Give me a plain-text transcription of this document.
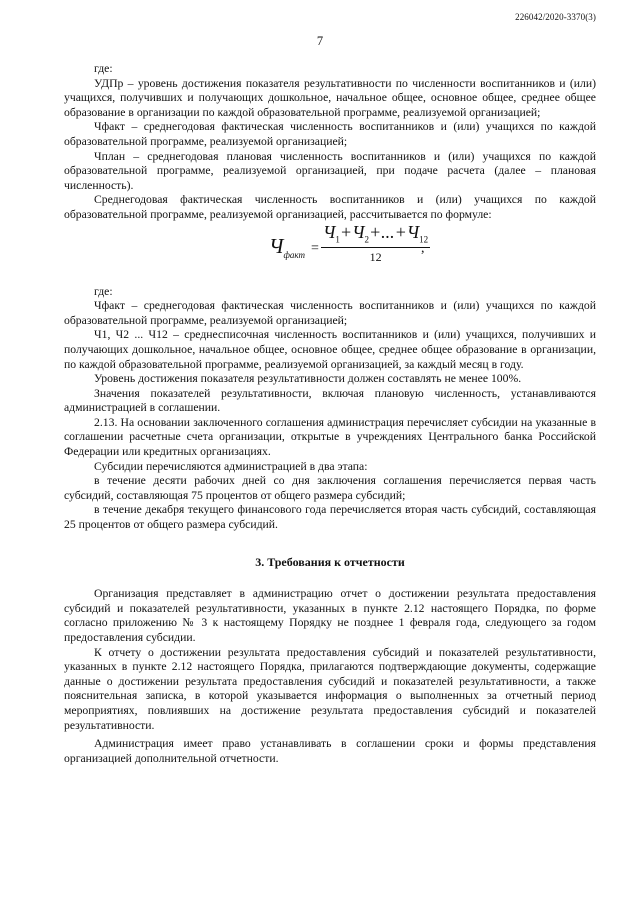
226042/2020-3370(3)
7

где:

УДПр – уровень достижения показателя результативности по численности воспитанников и (или) учащихся, получивших и получающих дошкольное, начальное общее, основное общее, среднее общее образование в организации по каждой образовательной программе, реализуемой организацией;

Чфакт – среднегодовая фактическая численность воспитанников и (или) учащихся по каждой образовательной программе, реализуемой организацией;

Чплан – среднегодовая плановая численность воспитанников и (или) учащихся по каждой образовательной программе, реализуемой организацией, при подаче расчета (далее – плановая численность).

Среднегодовая фактическая численность воспитанников и (или) учащихся по каждой образовательной программе, реализуемой организацией, рассчитывается по формуле:

$Ч_{факт}$ =
$Ч_1+Ч_2+...+Ч_{12}$
12
,

где:

Чфакт – среднегодовая фактическая численность воспитанников и (или) учащихся по каждой образовательной программе, реализуемой организацией;

Ч1, Ч2 ... Ч12 – среднесписочная численность воспитанников и (или) учащихся, получивших и получающих дошкольное, начальное общее, основное общее, среднее общее образование в организации, по каждой образовательной программе, реализуемой организацией, за каждый месяц в году.

Уровень достижения показателя результативности должен составлять не менее 100%.

Значения показателей результативности, включая плановую численность, устанавливаются администрацией в соглашении.

2.13. На основании заключенного соглашения администрация перечисляет субсидии на указанные в соглашении расчетные счета организации, открытые в учреждениях Центрального банка Российской Федерации или кредитных организациях.

Субсидии перечисляются администрацией в два этапа:

в течение десяти рабочих дней со дня заключения соглашения перечисляется первая часть субсидий, составляющая 75 процентов от общего размера субсидий;

в течение декабря текущего финансового года перечисляется вторая часть субсидий, составляющая 25 процентов от общего размера субсидий.

3. Требования к отчетности

Организация представляет в администрацию отчет о достижении результата предоставления субсидий и показателей результативности, указанных в пункте 2.12 настоящего Порядка, по форме согласно приложению № 3 к настоящему Порядку не позднее 1 февраля года, следующего за годом предоставления субсидии.

К отчету о достижении результата предоставления субсидий и показателей результативности, указанных в пункте 2.12 настоящего Порядка, прилагаются подтверждающие документы, содержащие данные о достижении результата предоставления субсидий и показателей результативности, а также пояснительная записка, в которой указывается информация о выполненных за отчетный период мероприятиях, повлиявших на достижение результата предоставления субсидий и показателей результативности.

Администрация имеет право устанавливать в соглашении сроки и формы представления организацией дополнительной отчетности.
